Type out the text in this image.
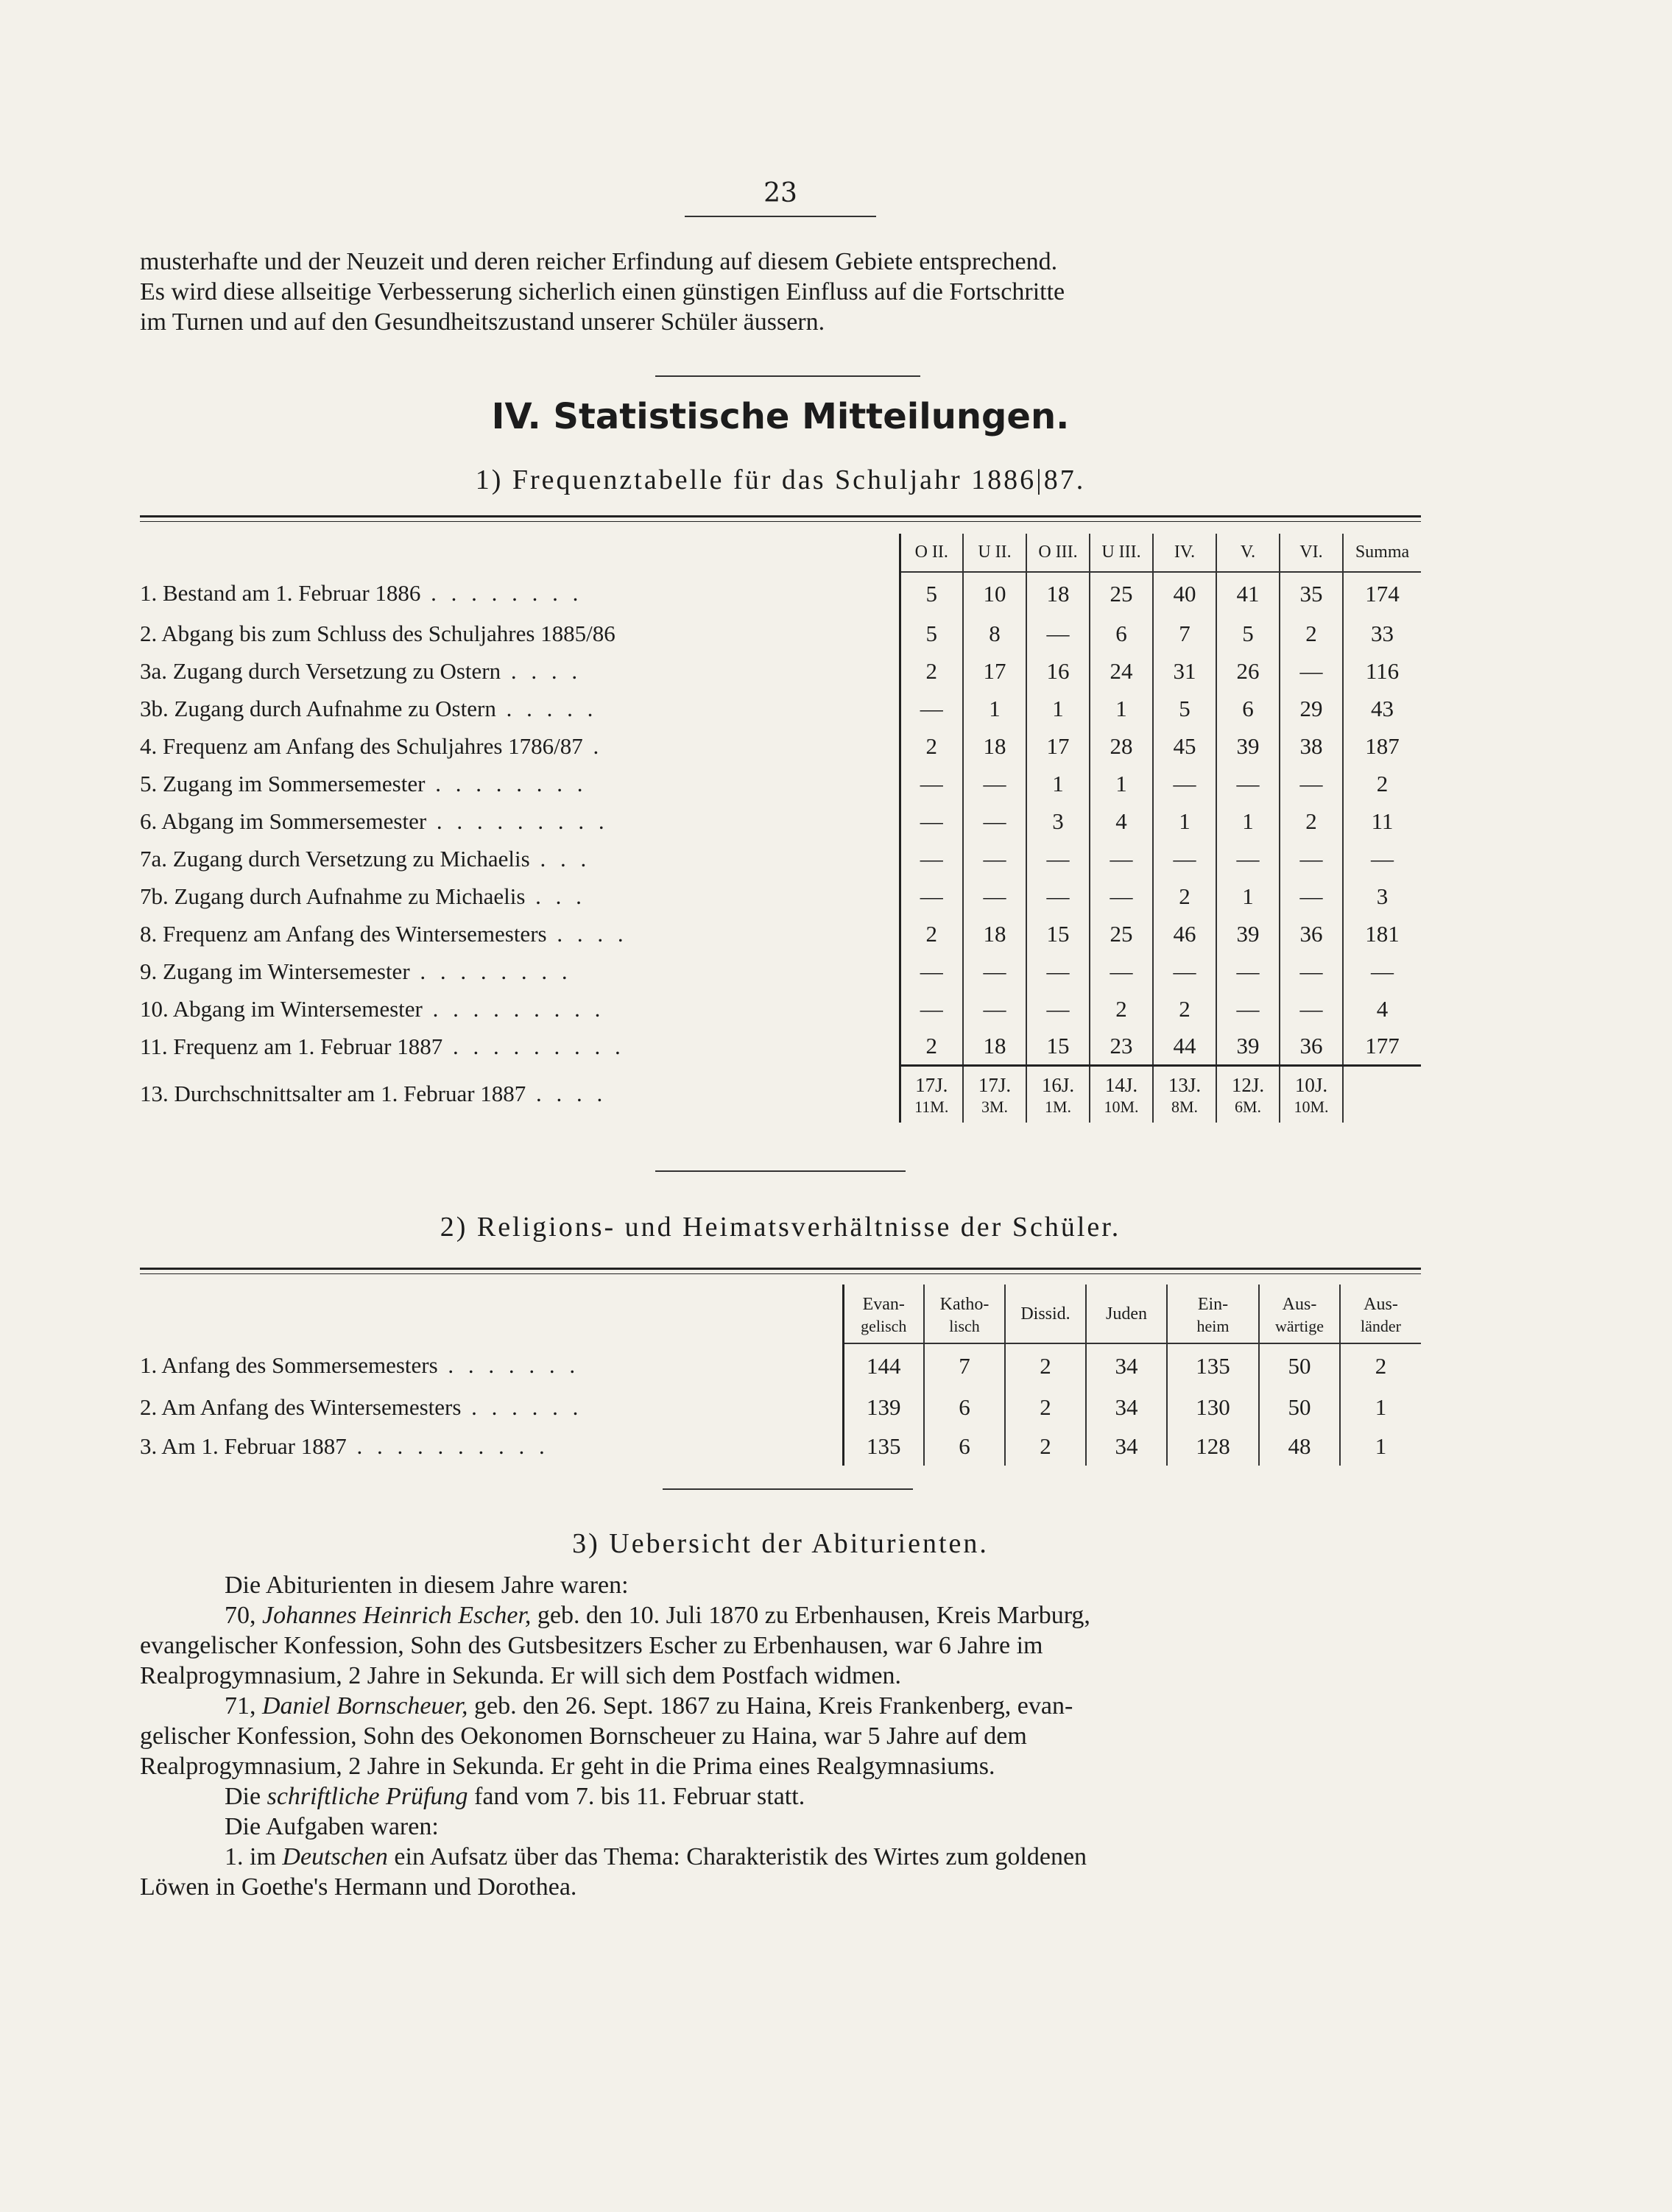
23

musterhafte und der Neuzeit und deren reicher Erfindung auf diesem Gebiete entsprechend.

Es wird diese allseitige Verbesserung sicherlich einen günstigen Einfluss auf die Fortschritte

im Turnen und auf den Gesundheitszustand unserer Schüler äussern.

IV. Statistische Mitteilungen.
1) Frequenztabelle für das Schuljahr 1886|87.
	O II.	U II.	O III.	U III.	IV.	V.	VI.	Summa
1. Bestand am 1. Februar 1886 . . . . . . . .	5	10	18	25	40	41	35	174
2. Abgang bis zum Schluss des Schuljahres 1885/86	5	8	—	6	7	5	2	33
3a. Zugang durch Versetzung zu Ostern . . . .	2	17	16	24	31	26	—	116
3b. Zugang durch Aufnahme zu Ostern . . . . .	—	1	1	1	5	6	29	43
4. Frequenz am Anfang des Schuljahres 1786/87 .	2	18	17	28	45	39	38	187
5. Zugang im Sommersemester . . . . . . . .	—	—	1	1	—	—	—	2
6. Abgang im Sommersemester . . . . . . . . .	—	—	3	4	1	1	2	11
7a. Zugang durch Versetzung zu Michaelis . . .	—	—	—	—	—	—	—	—
7b. Zugang durch Aufnahme zu Michaelis . . .	—	—	—	—	2	1	—	3
8. Frequenz am Anfang des Wintersemesters . . . .	2	18	15	25	46	39	36	181
9. Zugang im Wintersemester . . . . . . . .	—	—	—	—	—	—	—	—
10. Abgang im Wintersemester . . . . . . . . .	—	—	—	2	2	—	—	4
11. Frequenz am 1. Februar 1887 . . . . . . . . .	2	18	15	23	44	39	36	177
13. Durchschnittsalter am 1. Februar 1887 . . . .	17J.
11M.	17J.
3M.	16J.
1M.	14J.
10M.	13J.
8M.	12J.
6M.	10J.
10M.	

2) Religions- und Heimatsverhältnisse der Schüler.

	Evan-
gelisch	Katho-
lisch	Dissid.	Juden	Ein-
heim	Aus-
wärtige	Aus-
länder

1. Anfang des Sommersemesters . . . . . . .	144	7	2	34	135	50	2
2. Am Anfang des Wintersemesters . . . . . .	139	6	2	34	130	50	1
3. Am 1. Februar 1887 . . . . . . . . . .	135	6	2	34	128	48	1
3) Uebersicht der Abiturienten.

Die Abiturienten in diesem Jahre waren:

70, Johannes Heinrich Escher, geb. den 10. Juli 1870 zu Erbenhausen, Kreis Marburg,

evangelischer Konfession, Sohn des Gutsbesitzers Escher zu Erbenhausen, war 6 Jahre im

Realprogymnasium, 2 Jahre in Sekunda. Er will sich dem Postfach widmen.

71, Daniel Bornscheuer, geb. den 26. Sept. 1867 zu Haina, Kreis Frankenberg, evan-

gelischer Konfession, Sohn des Oekonomen Bornscheuer zu Haina, war 5 Jahre auf dem

Realprogymnasium, 2 Jahre in Sekunda. Er geht in die Prima eines Realgymnasiums.

Die schriftliche Prüfung fand vom 7. bis 11. Februar statt.

Die Aufgaben waren:

1. im Deutschen ein Aufsatz über das Thema: Charakteristik des Wirtes zum goldenen

Löwen in Goethe's Hermann und Dorothea.
